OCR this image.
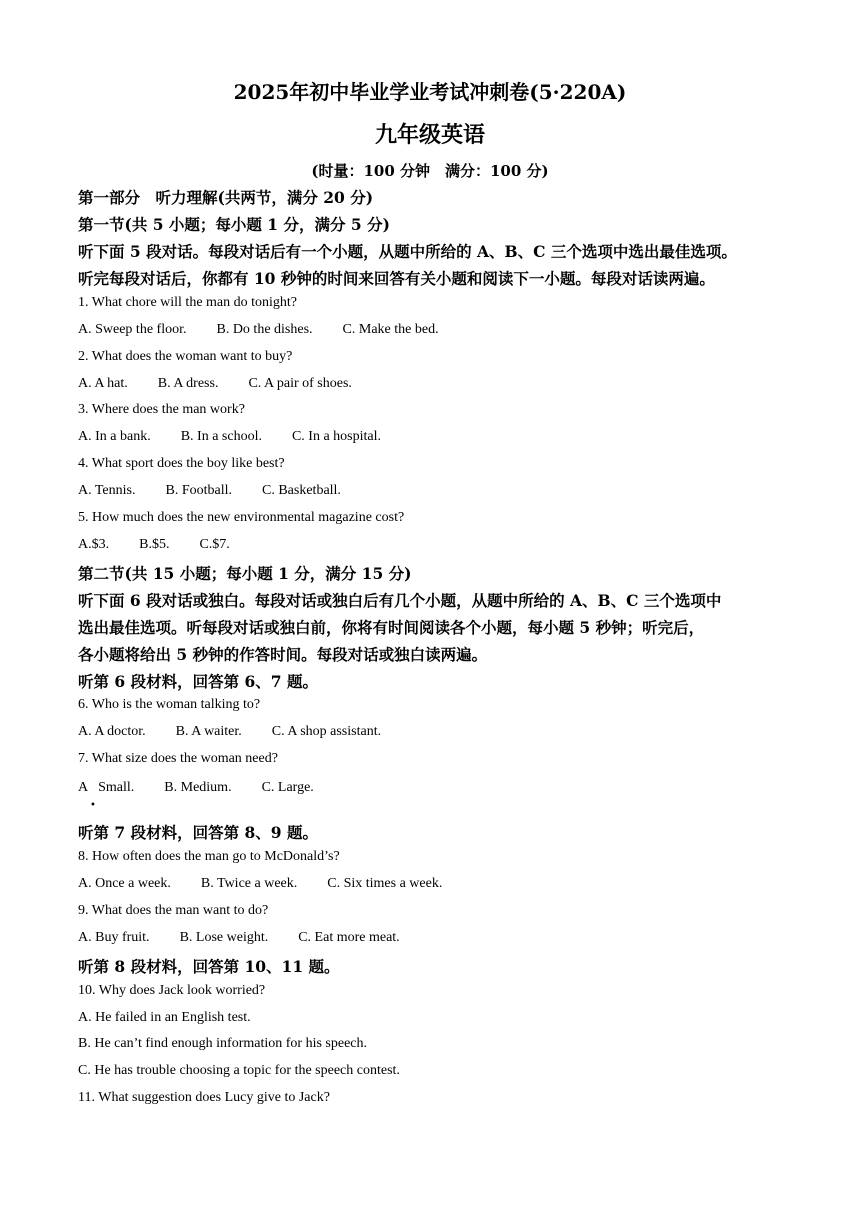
2025年初中毕业学业考试冲刺卷(5·220A)
九年级英语
(时量：100 分钟　满分：100 分)
第一部分　听力理解(共两节，满分 20 分)
第一节(共 5 小题；每小题 1 分，满分 5 分)
听下面 5 段对话。每段对话后有一个小题，从题中所给的 A、B、C 三个选项中选出最佳选项。
听完每段对话后，你都有 10 秒钟的时间来回答有关小题和阅读下一小题。每段对话读两遍。
1. What chore will the man do tonight?
A. Sweep the floor. B. Do the dishes. C. Make the bed.
2. What does the woman want to buy?
A. A hat. B. A dress. C. A pair of shoes.
3. Where does the man work?
A. In a bank. B. In a school. C. In a hospital.
4. What sport does the boy like best?
A. Tennis. B. Football. C. Basketball.
5. How much does the new environmental magazine cost?
A.$3. B.$5. C.$7.
第二节(共 15 小题；每小题 1 分，满分 15 分)
听下面 6 段对话或独白。每段对话或独白后有几个小题，从题中所给的 A、B、C 三个选项中
选出最佳选项。听每段对话或独白前，你将有时间阅读各个小题，每小题 5 秒钟；听完后，
各小题将给出 5 秒钟的作答时间。每段对话或独白读两遍。
听第 6 段材料，回答第 6、7 题。
6. Who is the woman talking to?
A. A doctor. B. A waiter. C. A shop assistant.
7. What size does the woman need?
A Small. B. Medium. C. Large.
•
听第 7 段材料，回答第 8、9 题。
8. How often does the man go to McDonald’s?
A. Once a week. B. Twice a week. C. Six times a week.
9. What does the man want to do?
A. Buy fruit. B. Lose weight. C. Eat more meat.
听第 8 段材料，回答第 10、11 题。
10. Why does Jack look worried?
A. He failed in an English test.
B. He can’t find enough information for his speech.
C. He has trouble choosing a topic for the speech contest.
11. What suggestion does Lucy give to Jack?
